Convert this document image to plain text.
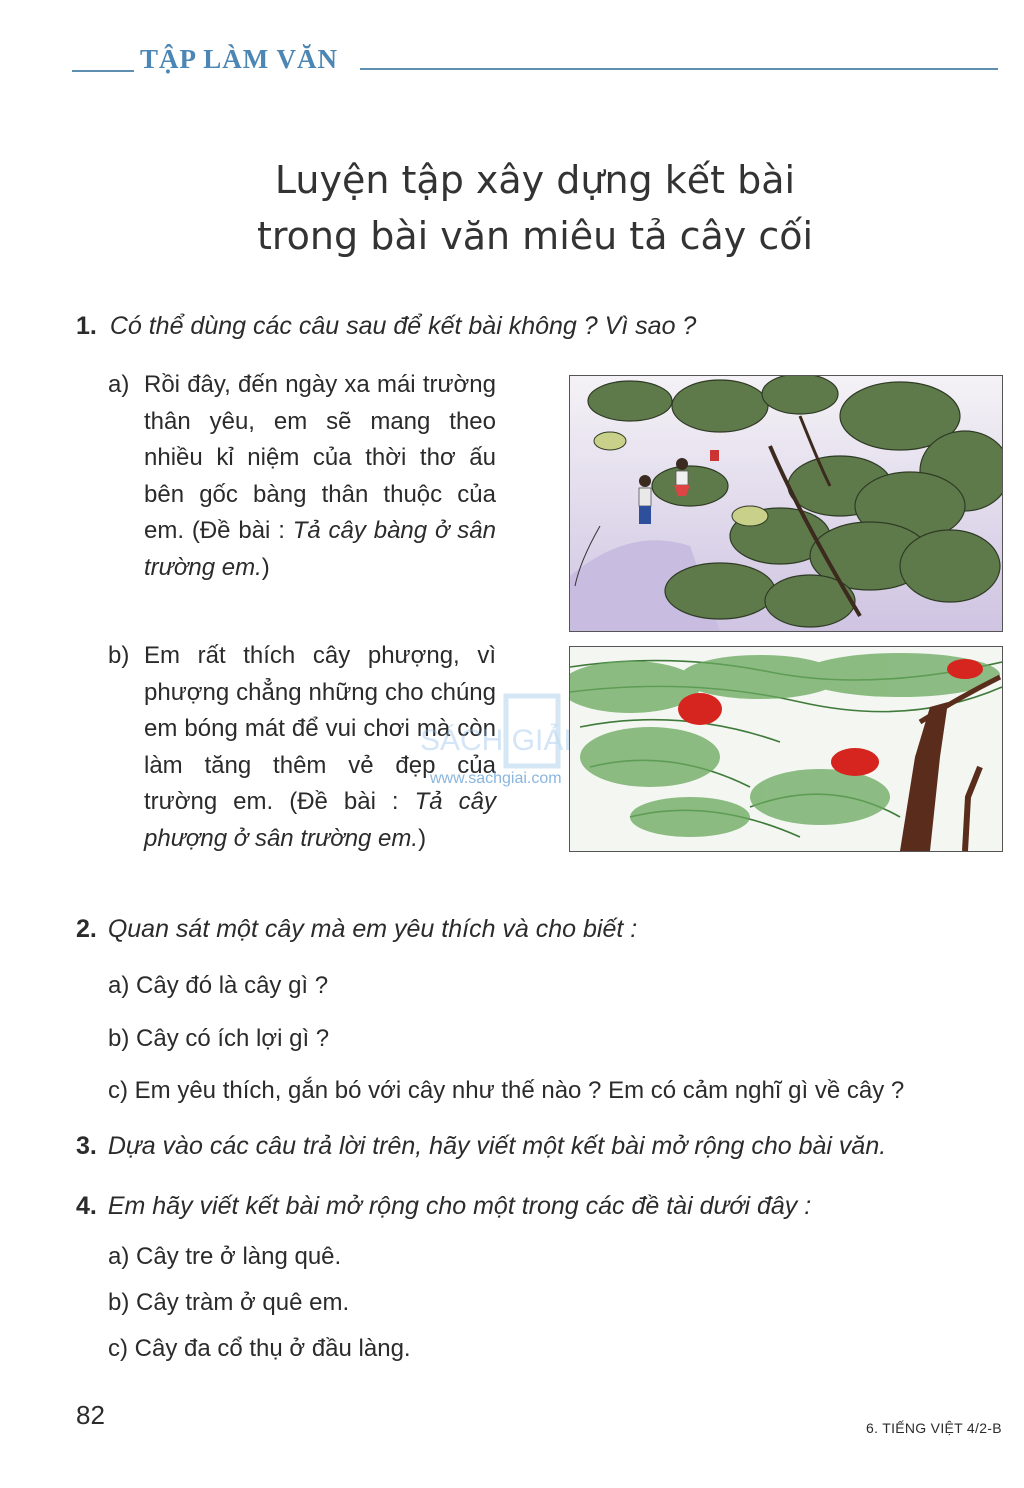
TẬP LÀM VĂN
Luyện tập xây dựng kết bài
trong bài văn miêu tả cây cối
1. Có thể dùng các câu sau để kết bài không ? Vì sao ?
a) Rồi đây, đến ngày xa mái trường thân yêu, em sẽ mang theo nhiều kỉ niệm của thời thơ ấu bên gốc bàng thân thuộc của em. (Đề bài : Tả cây bàng ở sân trường em.)
b) Em rất thích cây phượng, vì phượng chẳng những cho chúng em bóng mát để vui chơi mà còn làm tăng thêm vẻ đẹp của trường em. (Đề bài : Tả cây phượng ở sân trường em.)
SÁCH GIẢI
www.sachgiai.com
2. Quan sát một cây mà em yêu thích và cho biết :
a) Cây đó là cây gì ?
b) Cây có ích lợi gì ?
c) Em yêu thích, gắn bó với cây như thế nào ? Em có cảm nghĩ gì về cây ?
3. Dựa vào các câu trả lời trên, hãy viết một kết bài mở rộng cho bài văn.
4. Em hãy viết kết bài mở rộng cho một trong các đề tài dưới đây :
a) Cây tre ở làng quê.
b) Cây tràm ở quê em.
c) Cây đa cổ thụ ở đầu làng.
82	6. TIẾNG VIỆT 4/2-B
